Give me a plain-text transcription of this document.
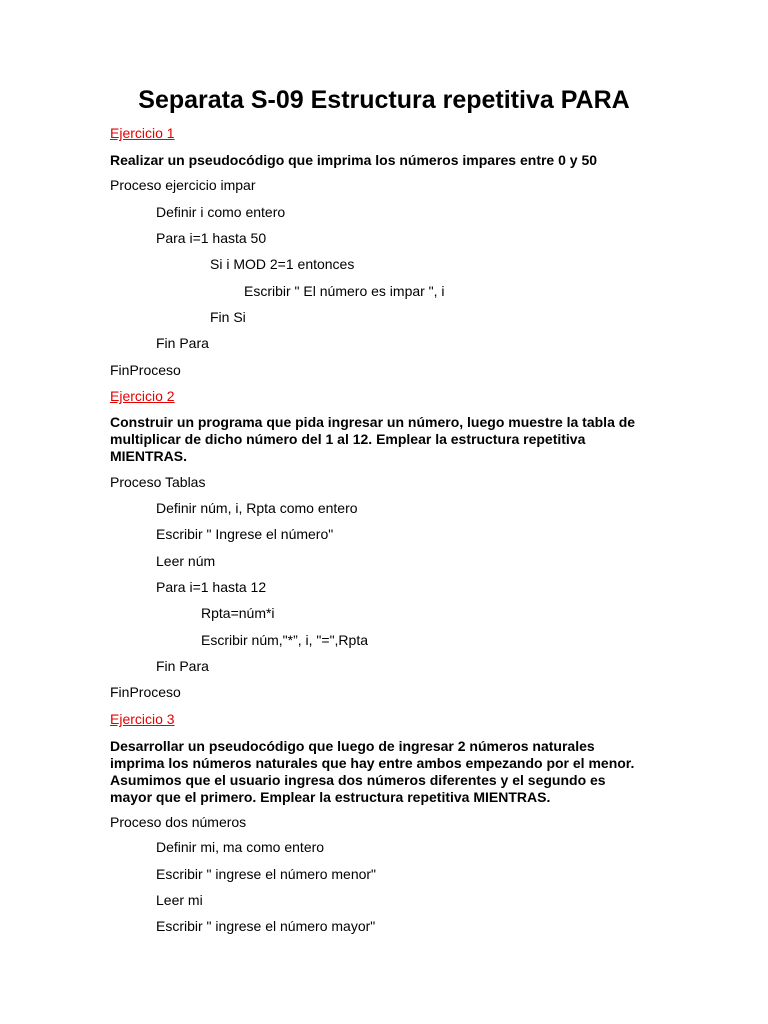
Separata S-09 Estructura repetitiva PARA

Ejercicio 1

Realizar un pseudocódigo que imprima los números impares entre 0 y 50

Proceso ejercicio impar

Definir i como entero

Para i=1 hasta 50

Si i MOD 2=1 entonces

Escribir " El número es impar ", i

Fin Si

Fin Para

FinProceso

Ejercicio 2

Construir un programa que pida ingresar un número, luego muestre la tabla de multiplicar de dicho número del 1 al 12. Emplear la estructura repetitiva MIENTRAS.

Proceso Tablas

Definir núm, i, Rpta como entero

Escribir " Ingrese el número"

Leer núm

Para i=1 hasta 12

Rpta=núm*i

Escribir núm,"*”, i, "=",Rpta

Fin Para

FinProceso

Ejercicio 3

Desarrollar un pseudocódigo que luego de ingresar 2 números naturales imprima los números naturales que hay entre ambos empezando por el menor. Asumimos que el usuario ingresa dos números diferentes y el segundo es mayor que el primero. Emplear la estructura repetitiva MIENTRAS.

Proceso dos números

Definir mi, ma como entero

Escribir " ingrese el número menor"

Leer mi

Escribir " ingrese el número mayor"
